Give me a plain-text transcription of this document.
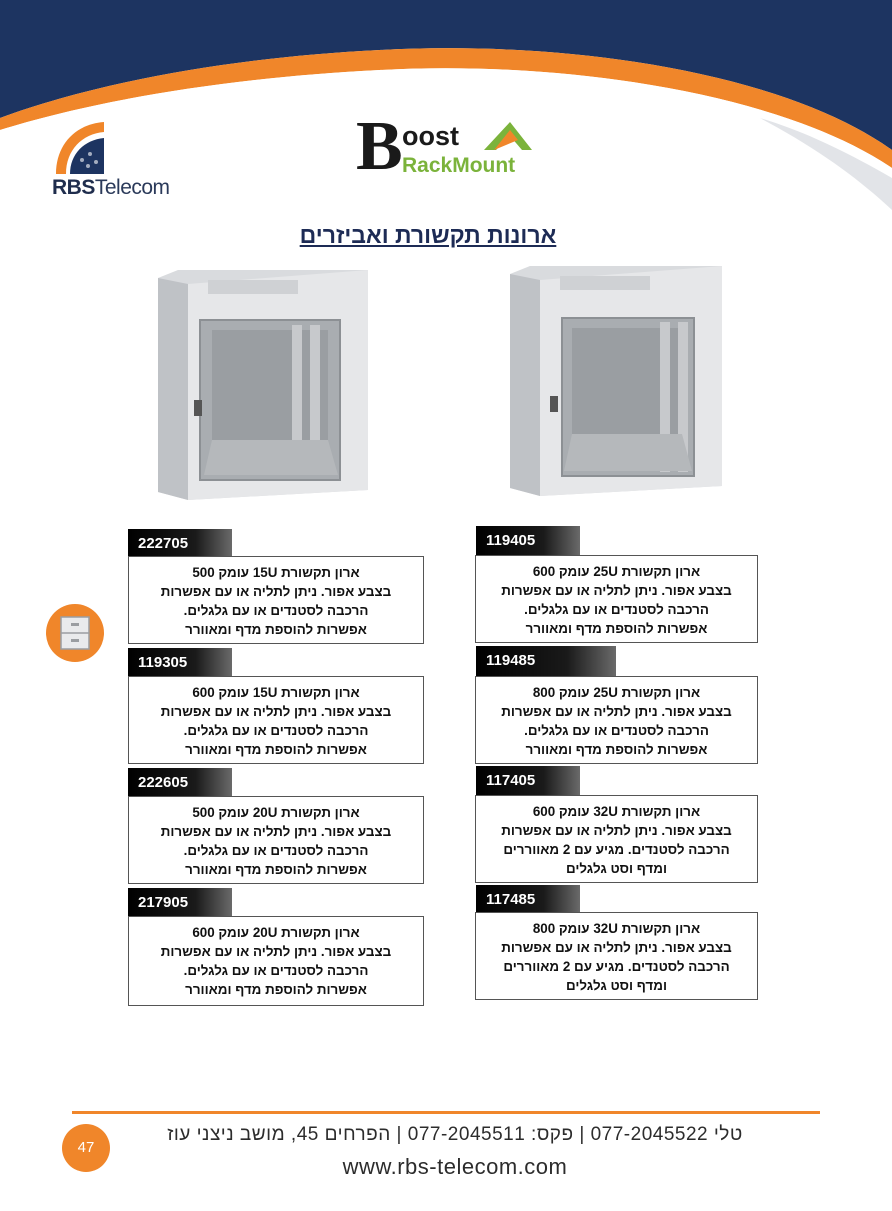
RBSTelecom
B oost
RackMount
ארונות תקשורת ואביזרים
222705
ארון תקשורת 15U עומק 500
בצבע אפור. ניתן לתליה או עם אפשרות
הרכבה לסטנדים או עם גלגלים.
אפשרות להוספת מדף ומאוורר
119305
ארון תקשורת 15U עומק 600
בצבע אפור. ניתן לתליה או עם אפשרות
הרכבה לסטנדים או עם גלגלים.
אפשרות להוספת מדף ומאוורר
222605
ארון תקשורת 20U עומק 500
בצבע אפור. ניתן לתליה או עם אפשרות
הרכבה לסטנדים או עם גלגלים.
אפשרות להוספת מדף ומאוורר
217905
ארון תקשורת 20U עומק 600
בצבע אפור. ניתן לתליה או עם אפשרות
הרכבה לסטנדים או עם גלגלים.
אפשרות להוספת מדף ומאוורר
119405
ארון תקשורת 25U עומק 600
בצבע אפור. ניתן לתליה או עם אפשרות
הרכבה לסטנדים או עם גלגלים.
אפשרות להוספת מדף ומאוורר
119485
ארון תקשורת 25U עומק 800
בצבע אפור. ניתן לתליה או עם אפשרות
הרכבה לסטנדים או עם גלגלים.
אפשרות להוספת מדף ומאוורר
117405
ארון תקשורת 32U עומק 600
בצבע אפור. ניתן לתליה או עם אפשרות
הרכבה לסטנדים. מגיע עם 2 מאווררים
ומדף וסט גלגלים
117485
ארון תקשורת 32U עומק 800
בצבע אפור. ניתן לתליה או עם אפשרות
הרכבה לסטנדים. מגיע עם 2 מאווררים
ומדף וסט גלגלים
47
טלי 077-2045522 | פקס: 077-2045511 | הפרחים 45, מושב ניצני עוז
www.rbs-telecom.com
